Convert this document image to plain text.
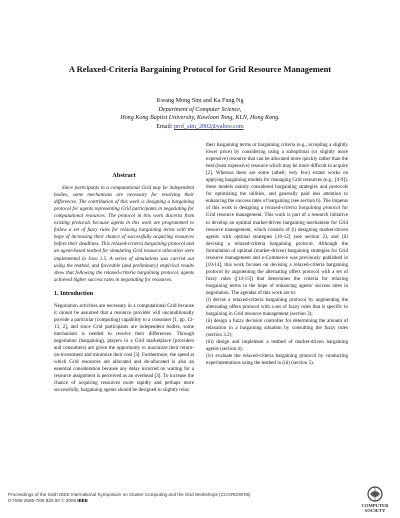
A Relaxed-Criteria Bargaining Protocol for Grid Resource Management
Kwang Mong Sim and Ka Fung Ng
Department of Computer Science,
Hong Kong Baptist University, Kowloon Tong, KLN, Hong Kong.
Email: prof_sim_2002@yahoo.com
Abstract

Since participants in a computational Grid may be independent bodies, some mechanisms are necessary for resolving their differences. The contribution of this work is designing a bargaining protocol for agents representing Grid participants in negotiating for computational resources. The protocol in this work discerns from existing protocols because agents in this work are programmed to follow a set of fuzzy rules for relaxing bargaining terms with the hope of increasing their chance of successfully acquiring resources before their deadlines. This relaxed-criteria bargaining protocol and an agent-based testbed for simulating Grid resource allocation were implemented in Java 1.5. A series of simulations was carried out using the testbed, and favorable (and preliminary) empirical results show that following the relaxed-criteria bargaining protocol, agents achieved higher success rates in negotiating for resources.

1. Introduction

Negotiation activities are necessary in a computational Grid because it cannot be assumed that a resource provider will unconditionally provide a particular (computing) capability to a consumer [1, pp. 12-13, 2], and since Grid participants are independent bodies, some mechanism is needed to resolve their differences. Through negotiation (bargaining), players in a Grid marketplace (providers and consumers) are given the opportunity to maximize their return-on-investment and minimize their cost [3]. Furthermore, the speed at which Grid resources are allocated and de-allocated is also an essential consideration because any delay incurred on waiting for a resource assignment is perceived as an overhead [3]. To increase the chance of acquiring resources more rapidly and perhaps more successfully, bargaining agents should be designed to slightly relax

their bargaining terms or bargaining criteria (e.g., accepting a slightly lower price) by considering using a suboptimal (or slightly more expensive) resource that can be allocated more quickly rather than the best (least expensive) resource which may be more difficult to acquire [2]. Whereas there are some (albeit, very few) extant works on applying bargaining models for managing Grid resources (e.g., [4-9]), these models mainly considered bargaining strategies and protocols for optimizing the utilities, and generally paid less attention to enhancing the success rates of bargaining (see section 6). The impetus of this work is designing a relaxed-criteria bargaining protocol for Grid resource management. This work is part of a research initiative to develop an optimal market-driven bargaining mechanism for Grid resource management, which consists of (i) designing market-driven agents with optimal strategies [10-12] (see section 2), and (ii) devising a relaxed-criteria bargaining protocol. Although the formulation of optimal (market-driven) bargaining strategies for Grid resource management and e-Commerce was previously published in [10-14], this work focuses on devising a relaxed-criteria bargaining protocol by augmenting the alternating offers protocol with a set of fuzzy rules ([14-15]) that determines the criteria for relaxing bargaining terms in the hope of enhancing agents' success rates in negotiation. The agendas of this work are to:

(i) devise a relaxed-criteria bargaining protocol by augmenting the alternating offers protocol with a set of fuzzy rules that is specific to bargaining in Grid resource management (section 3);

(ii) design a fuzzy decision controller for determining the amount of relaxation in a bargaining situation by consulting the fuzzy rules (section 3.2);

(iii) design and implement a testbed of market-driven bargaining agents (section 4);

(iv) evaluate the relaxed-criteria bargaining protocol by conducting experimentations using the testbed in (iii) (section 5).

Proceedings of the Sixth IEEE International Symposium on Cluster Computing and the Grid Workshops (CCGRIDW'06)
0-7695-2585-7/06 $20.00 © 2006 IEEE
COMPUTER
SOCIETY
